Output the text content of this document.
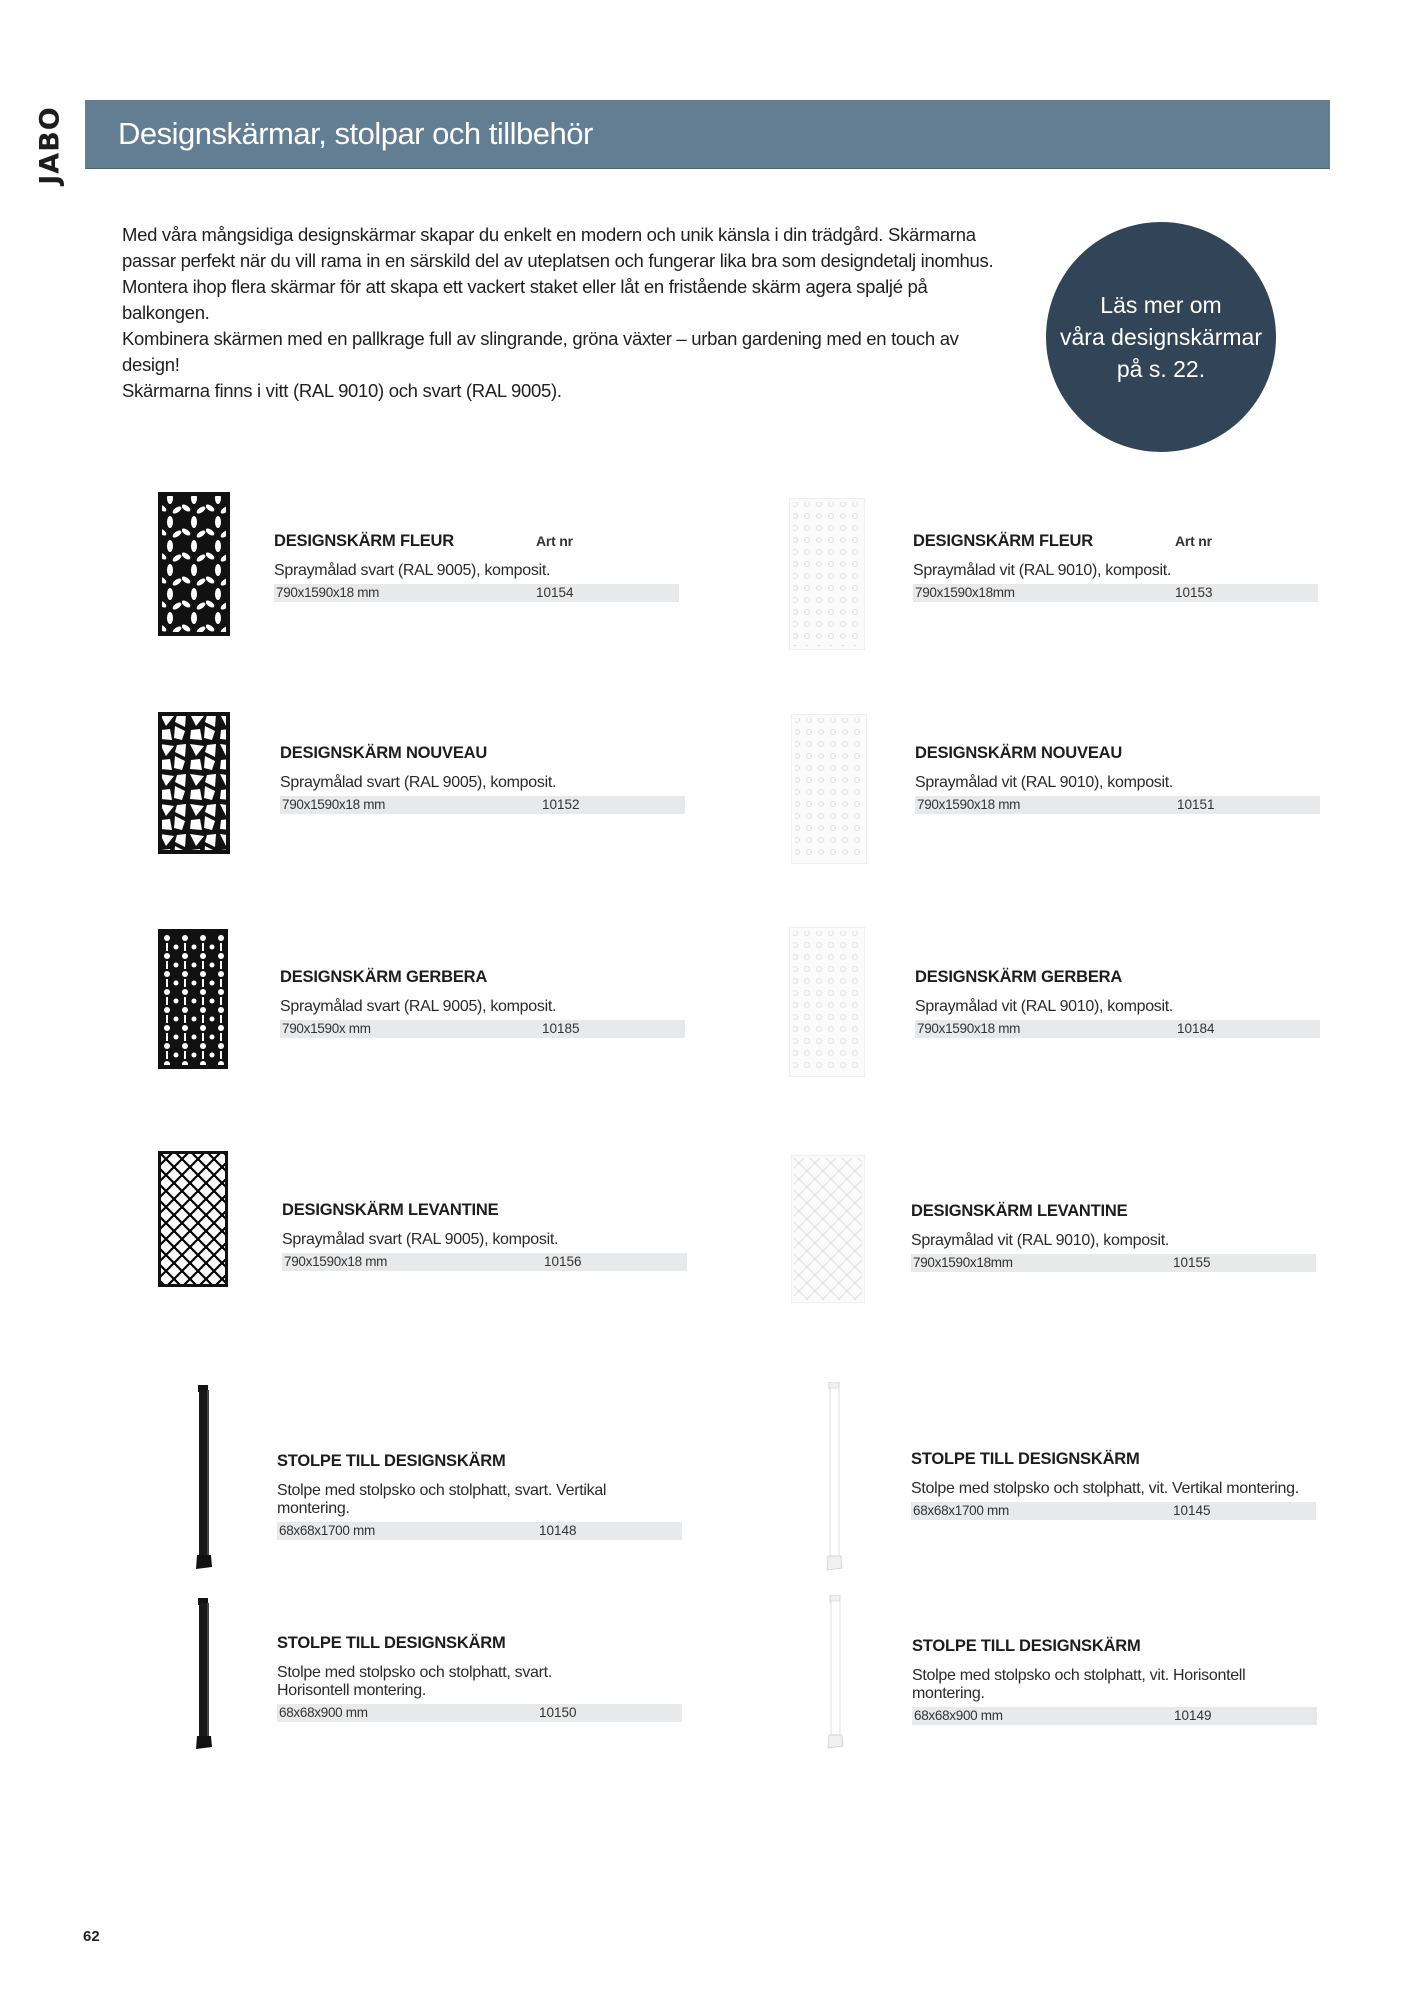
JABO Designskärmar, stolpar och tillbehör

Med våra mångsidiga designskärmar skapar du enkelt en modern och unik känsla i din trädgård. Skärmarna

passar perfekt när du vill rama in en särskild del av uteplatsen och fungerar lika bra som designdetalj inomhus.

Montera ihop flera skärmar för att skapa ett vackert staket eller låt en fristående skärm agera spaljé på balkongen.

Kombinera skärmen med en pallkrage full av slingrande, gröna växter – urban gardening med en touch av design!

Skärmarna finns i vitt (RAL 9010) och svart (RAL 9005).

Läs mer om
våra designskärmar
på s. 22.
DESIGNSKÄRM FLEUR	Art nr
Spraymålad svart (RAL 9005), komposit.
790x1590x18 mm	10154
DESIGNSKÄRM FLEUR	Art nr
Spraymålad vit (RAL 9010), komposit.
790x1590x18mm	10153
DESIGNSKÄRM NOUVEAU
Spraymålad svart (RAL 9005), komposit.
790x1590x18 mm	10152
DESIGNSKÄRM NOUVEAU
Spraymålad vit (RAL 9010), komposit.
790x1590x18 mm	10151
DESIGNSKÄRM GERBERA
Spraymålad svart (RAL 9005), komposit.
790x1590x mm	10185
DESIGNSKÄRM GERBERA
Spraymålad vit (RAL 9010), komposit.
790x1590x18 mm	10184
DESIGNSKÄRM LEVANTINE
Spraymålad svart (RAL 9005), komposit.
790x1590x18 mm	10156
DESIGNSKÄRM LEVANTINE
Spraymålad vit (RAL 9010), komposit.
790x1590x18mm	10155
STOLPE TILL DESIGNSKÄRM
Stolpe med stolpsko och stolphatt, svart. Vertikal montering.
68x68x1700 mm	10148
STOLPE TILL DESIGNSKÄRM
Stolpe med stolpsko och stolphatt, vit. Vertikal montering.
68x68x1700 mm	10145
STOLPE TILL DESIGNSKÄRM
Stolpe med stolpsko och stolphatt, svart. Horisontell montering.
68x68x900 mm	10150
STOLPE TILL DESIGNSKÄRM
Stolpe med stolpsko och stolphatt, vit. Horisontell montering.
68x68x900 mm	10149
62
